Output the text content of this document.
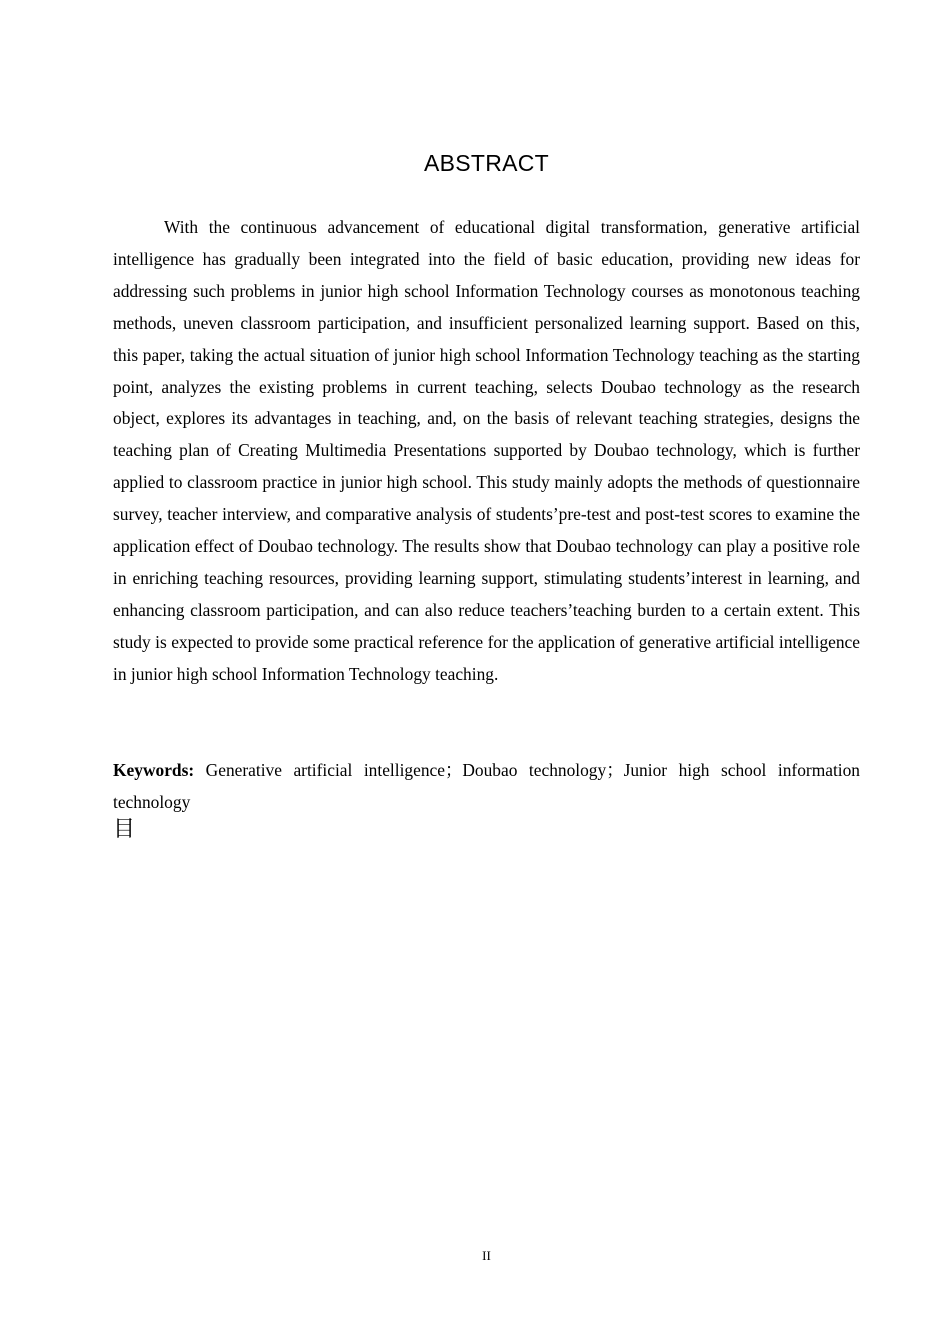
ABSTRACT

With the continuous advancement of educational digital transformation, generative artificial intelligence has gradually been integrated into the field of basic education, providing new ideas for addressing such problems in junior high school Information Technology courses as monotonous teaching methods, uneven classroom participation, and insufficient personalized learning support. Based on this, this paper, taking the actual situation of junior high school Information Technology teaching as the starting point, analyzes the existing problems in current teaching, selects Doubao technology as the research object, explores its advantages in teaching, and, on the basis of relevant teaching strategies, designs the teaching plan of Creating Multimedia Presentations supported by Doubao technology, which is further applied to classroom practice in junior high school. This study mainly adopts the methods of questionnaire survey, teacher interview, and comparative analysis of students’pre-test and post-test scores to examine the application effect of Doubao technology. The results show that Doubao technology can play a positive role in enriching teaching resources, providing learning support, stimulating students’interest in learning, and enhancing classroom participation, and can also reduce teachers’teaching burden to a certain extent. This study is expected to provide some practical reference for the application of generative artificial intelligence in junior high school Information Technology teaching.

Keywords: Generative artificial intelligence；Doubao technology；Junior high school information technology

目
II
